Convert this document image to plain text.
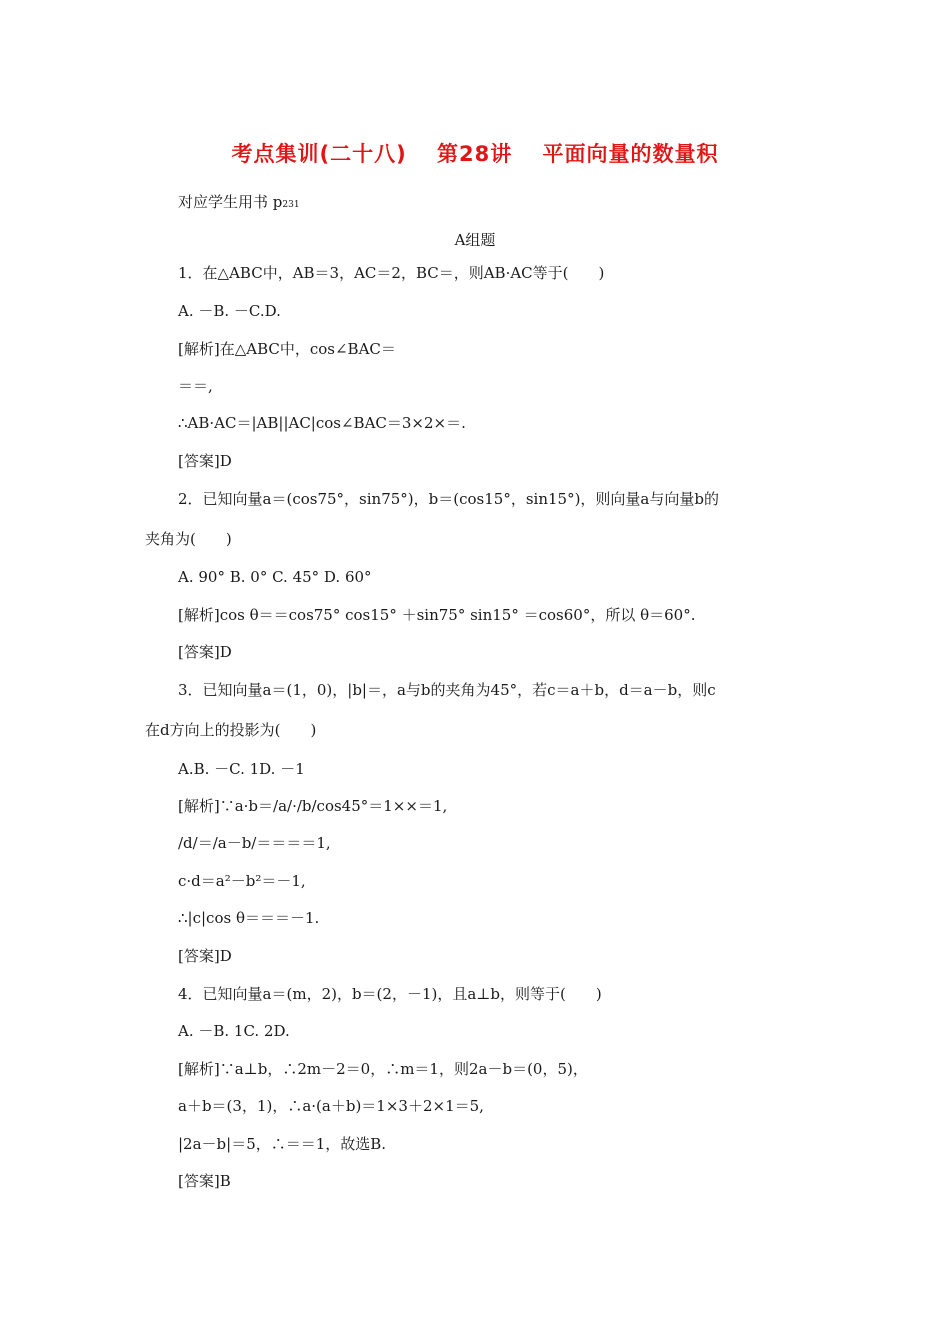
考点集训(二十八)　 第28讲　 平面向量的数量积
对应学生用书 p231
A组题
1．在△ABC中，AB＝3，AC＝2，BC＝，则AB·AC等于(　　)
A. －B. －C.D.
[解析]在△ABC中，cos∠BAC＝
＝＝,
∴AB·AC＝|AB||AC|cos∠BAC＝3×2×＝.
[答案]D
2．已知向量a＝(cos75°，sin75°)，b＝(cos15°，sin15°)，则向量a与向量b的
夹角为(　　)
A. 90° B. 0° C. 45° D. 60°
[解析]cos θ＝＝cos75° cos15° ＋sin75° sin15° ＝cos60°，所以 θ＝60°.
[答案]D
3．已知向量a＝(1，0)，|b|＝，a与b的夹角为45°，若c＝a＋b，d＝a－b，则c
在d方向上的投影为(　　)
A.B. －C. 1D. －1
[解析]∵a·b＝/a/·/b/cos45°＝1××＝1,
/d/＝/a－b/＝＝＝＝1,
c·d＝a²－b²＝－1,
∴|c|cos θ＝＝＝－1.
[答案]D
4．已知向量a＝(m，2)，b＝(2，－1)，且a⊥b，则等于(　　)
A. －B. 1C. 2D.
[解析]∵a⊥b，∴2m－2＝0，∴m＝1，则2a－b＝(0，5)，
a＋b＝(3，1)，∴a·(a＋b)＝1×3＋2×1＝5,
|2a－b|＝5，∴＝＝1，故选B.
[答案]B
